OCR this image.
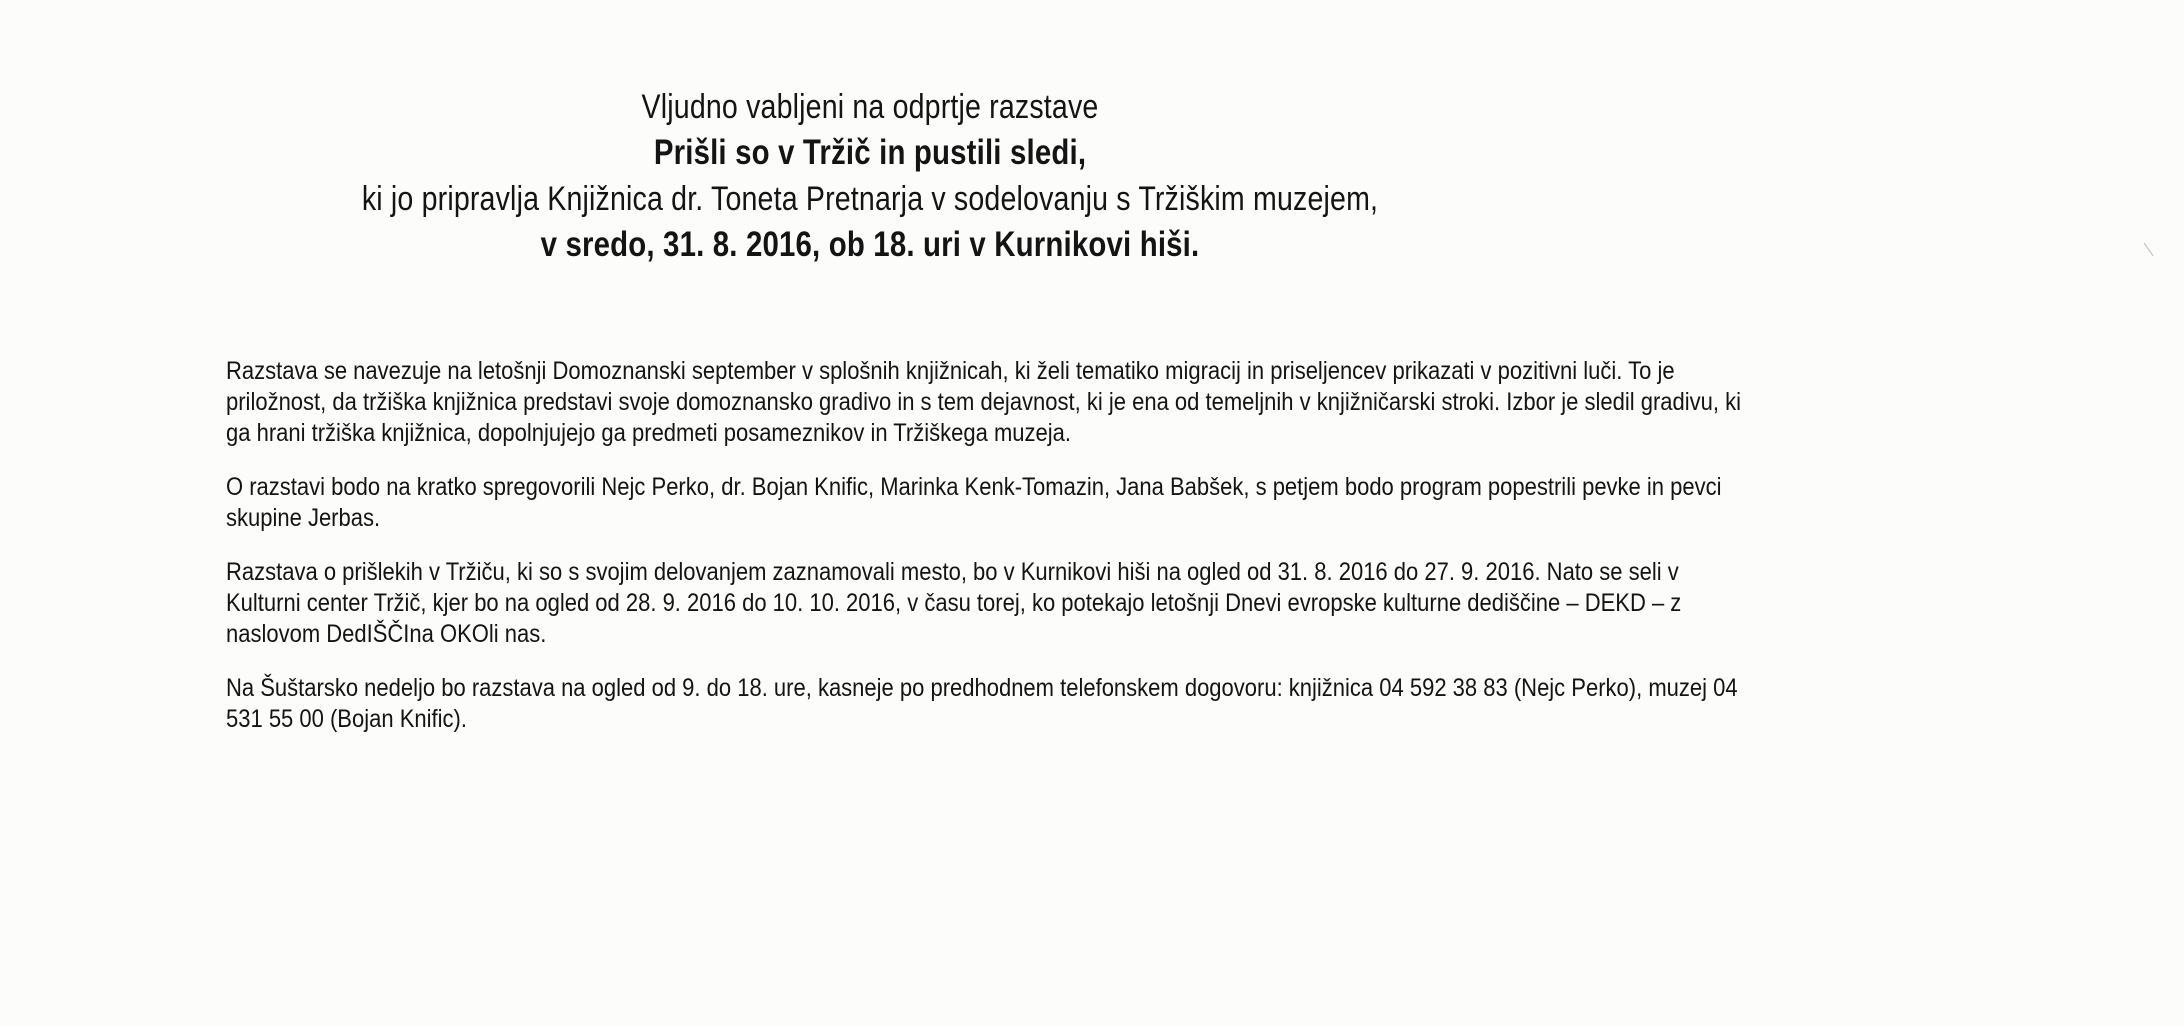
Vljudno vabljeni na odprtje razstave
Prišli so v Tržič in pustili sledi,
ki jo pripravlja Knjižnica dr. Toneta Pretnarja v sodelovanju s Tržiškim muzejem,
v sredo, 31. 8. 2016, ob 18. uri v Kurnikovi hiši.

Razstava se navezuje na letošnji Domoznanski september v splošnih knjižnicah, ki želi tematiko migracij in priseljencev prikazati v pozitivni luči. To je priložnost, da tržiška knjižnica predstavi svoje domoznansko gradivo in s tem dejavnost, ki je ena od temeljnih v knjižničarski stroki. Izbor je sledil gradivu, ki ga hrani tržiška knjižnica, dopolnjujejo ga predmeti posameznikov in Tržiškega muzeja.

O razstavi bodo na kratko spregovorili Nejc Perko, dr. Bojan Knific, Marinka Kenk-Tomazin, Jana Babšek, s petjem bodo program popestrili pevke in pevci skupine Jerbas.

Razstava o prišlekih v Tržiču, ki so s svojim delovanjem zaznamovali mesto, bo v Kurnikovi hiši na ogled od 31. 8. 2016 do 27. 9. 2016. Nato se seli v Kulturni center Tržič, kjer bo na ogled od 28. 9. 2016 do 10. 10. 2016, v času torej, ko potekajo letošnji Dnevi evropske kulturne dediščine – DEKD – z naslovom DedIŠČIna OKOli nas.

Na Šuštarsko nedeljo bo razstava na ogled od 9. do 18. ure, kasneje po predhodnem telefonskem dogovoru: knjižnica 04 592 38 83 (Nejc Perko), muzej 04 531 55 00 (Bojan Knific).
